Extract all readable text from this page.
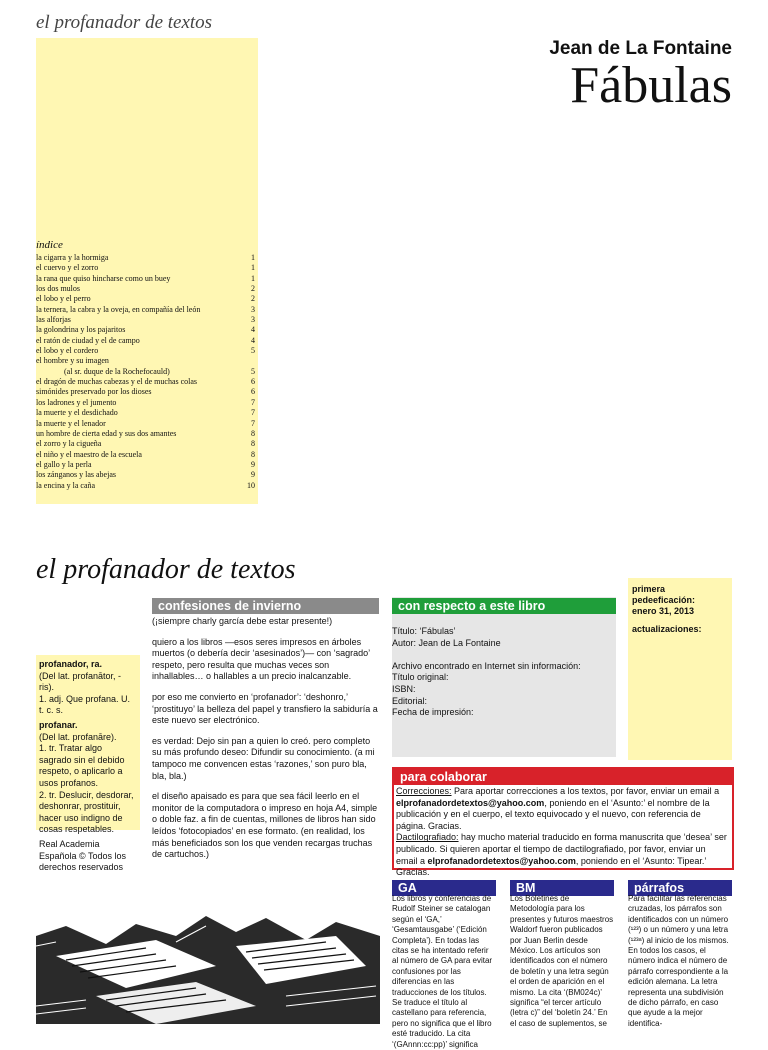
el profanador de textos
Jean de La Fontaine
Fábulas
índice
la cigarra y la hormiga	1
el cuervo y el zorro	1
la rana que quiso hincharse como un buey	1
los dos mulos	2
el lobo y el perro	2
la ternera, la cabra y la oveja, en compañía del león	3
las alforjas	3
la golondrina y los pajaritos	4
el ratón de ciudad y el de campo	4
el lobo y el cordero	5
el hombre y su imagen
(al sr. duque de la Rochefocauld)	5
el dragón de muchas cabezas y el de muchas colas	6
simónides preservado por los dioses	6
los ladrones y el jumento	7
la muerte y el desdichado	7
la muerte y el lenador	7
un hombre de cierta edad y sus dos amantes	8
el zorro y la cigueña	8
el niño y el maestro de la escuela	8
el gallo y la perla	9
los zánganos y las abejas	9
la encina y la caña	10
el profanador de textos

profanador, ra.
(Del lat. profanātor, - ris).
1. adj. Que profana. U. t. c. s.

profanar.
(Del lat. profanāre).
1. tr. Tratar algo sagrado sin el debido respeto, o aplicarlo a usos profanos.
2. tr. Deslucir, desdorar, deshonrar, prostituir, hacer uso indigno de cosas respetables.

Real Academia Española © Todos los derechos reservados

confesiones de invierno

(¡siempre charly garcía debe estar presente!)

quiero a los libros —esos seres impresos en árboles muertos (o debería decir ‘asesinados’)— con ‘sagrado’ respeto, pero resulta que muchas veces son inhallables… o hallables a un precio inalcanzable.

por eso me convierto en ‘profanador’: ‘deshonro,’ ‘prostituyo’ la belleza del papel y transfiero la sabiduría a este nuevo ser electrónico.

es verdad: Dejo sin pan a quien lo creó. pero completo su más profundo deseo: Difundir su conocimiento. (a mi tampoco me convencen estas ‘razones,’ son puro bla, bla, bla.)

el diseño apaisado es para que sea fácil leerlo en el monitor de la computadora o impreso en hoja A4, simple o doble faz. a fin de cuentas, millones de libros han sido leídos ‘fotocopiados’ en ese formato. (en realidad, los más beneficiados son los que venden recargas truchas de cartuchos.)

con respecto a este libro

Título: ‘Fábulas’

Autor: Jean de La Fontaine

Archivo encontrado en Internet sin información:

Título original:

ISBN:

Editorial:

Fecha de impresión:

primera pedeeficación:
enero 31, 2013

actualizaciones:

para colaborar

Correcciones: Para aportar correcciones a los textos, por favor, enviar un email a elprofanadordetextos@yahoo.com, poniendo en el ‘Asunto:’ el nombre de la publicación y en el cuerpo, el texto equivocado y el nuevo, con referencia de página. Gracias.

Dactilografiado: hay mucho material traducido en forma manuscrita que ‘desea’ ser publicado. Si quieren aportar el tiempo de dactilografiado, por favor, enviar un email a elprofanadordetextos@yahoo.com, poniendo en el ‘Asunto: Tipear.’ Gracias.

GA

Los libros y conferencias de Rudolf Steiner se catalogan según el ‘GA,’ ‘Gesamtausgabe’ (‘Edición Completa’). En todas las citas se ha intentado referir al número de GA para evitar confusiones por las diferencias en las traducciones de los títulos. Se traduce el título al castellano para referencia, pero no significa que el libro esté traducido. La cita ‘(GAnnn:cc:pp)’ significa

BM

Los Boletines de Metodología para los presentes y futuros maestros Waldorf fueron publicados por Juan Berlin desde México. Los artículos son identificados con el número de boletín y una letra según el orden de aparición en el mismo. La cita ‘(BM024c)’ significa “el tercer artículo (letra c)” del ‘boletín 24.’ En el caso de suplementos, se

párrafos

Para facilitar las referencias cruzadas, los párrafos son identificados con un número (¹²³) o un número y una letra (¹²³ᵃ) al inicio de los mismos. En todos los casos, el número indica el número de párrafo correspondiente a la edición alemana. La letra representa una subdivisión de dicho párrafo, en caso que ayude a la mejor identifica-
